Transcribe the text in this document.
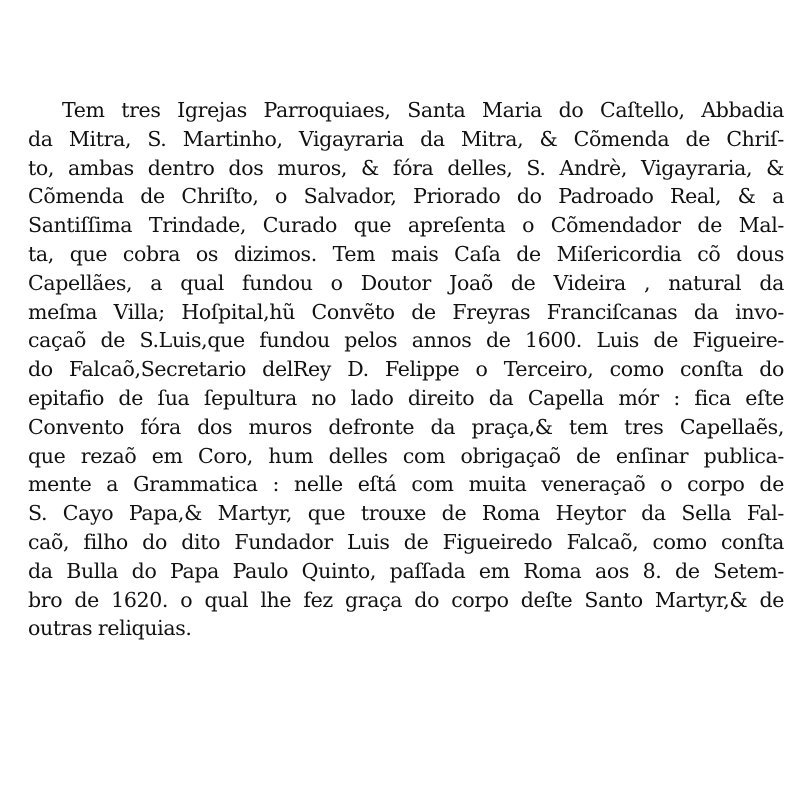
Tem tres Igrejas Parroquiaes, Santa Maria do Caſtello, Abbadia
da Mitra, S. Martinho, Vigayraria da Mitra, & Cõmenda de Chriſ-
to, ambas dentro dos muros, & fóra delles, S. Andrè, Vigayraria, &
Cõmenda de Chriſto, o Salvador, Priorado do Padroado Real, & a
Santiſſima Trindade, Curado que apreſenta o Cõmendador de Mal-
ta, que cobra os dizimos. Tem mais Caſa de Miſericordia cõ dous
Capellães, a qual fundou o Doutor Joaõ de Videira , natural da
meſma Villa; Hoſpital,hũ Convẽto de Freyras Franciſcanas da invo-
caçaõ de S.Luis,que fundou pelos annos de 1600. Luis de Figueire-
do Falcaõ,Secretario delRey D. Felippe o Terceiro, como conſta do
epitafio de ſua ſepultura no lado direito da Capella mór : fica eſte
Convento fóra dos muros defronte da praça,& tem tres Capellaẽs,
que rezaõ em Coro, hum delles com obrigaçaõ de enſinar publica-
mente a Grammatica : nelle eſtá com muita veneraçaõ o corpo de
S. Cayo Papa,& Martyr, que trouxe de Roma Heytor da Sella Fal-
caõ, filho do dito Fundador Luis de Figueiredo Falcaõ, como conſta
da Bulla do Papa Paulo Quinto, paſſada em Roma aos 8. de Setem-
bro de 1620. o qual lhe fez graça do corpo deſte Santo Martyr,& de
outras reliquias.
